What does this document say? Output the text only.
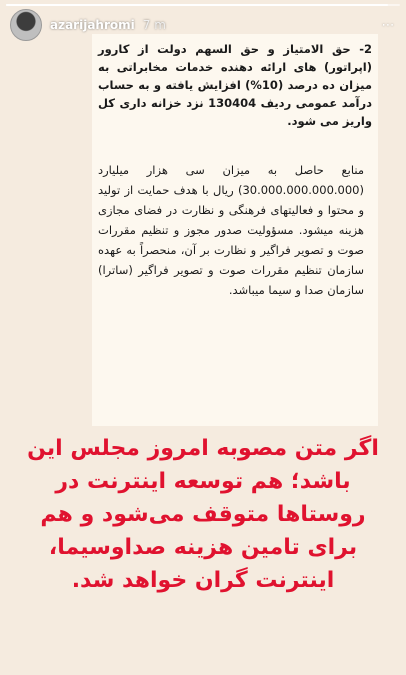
azarijahromi 7 m	⋯
2- حق الامتیاز و حق السهم دولت از کارور (اپراتور) های ارائه دهنده خدمات مخابراتی به میزان ده درصد (10%) افزایش یافته و به حساب درآمد عمومی ردیف 130404 نزد خزانه داری کل واریز می شود.
منابع حاصل به میزان سی هزار میلیارد (30.000.000.000.000) ریال با هدف حمایت از تولید و محتوا و فعالیتهای فرهنگی و نظارت در فضای مجازی هزینه میشود. مسؤولیت صدور مجوز و تنظیم مقررات صوت و تصویر فراگیر و نظارت بر آن، منحصراً به عهده سازمان تنظیم مقررات صوت و تصویر فراگیر (ساترا) سازمان صدا و سیما میباشد.
اگر متن مصوبه امروز مجلس این باشد؛ هم توسعه اینترنت در روستاها متوقف می‌شود و هم برای تامین هزینه صداوسیما، اینترنت گران خواهد شد.
